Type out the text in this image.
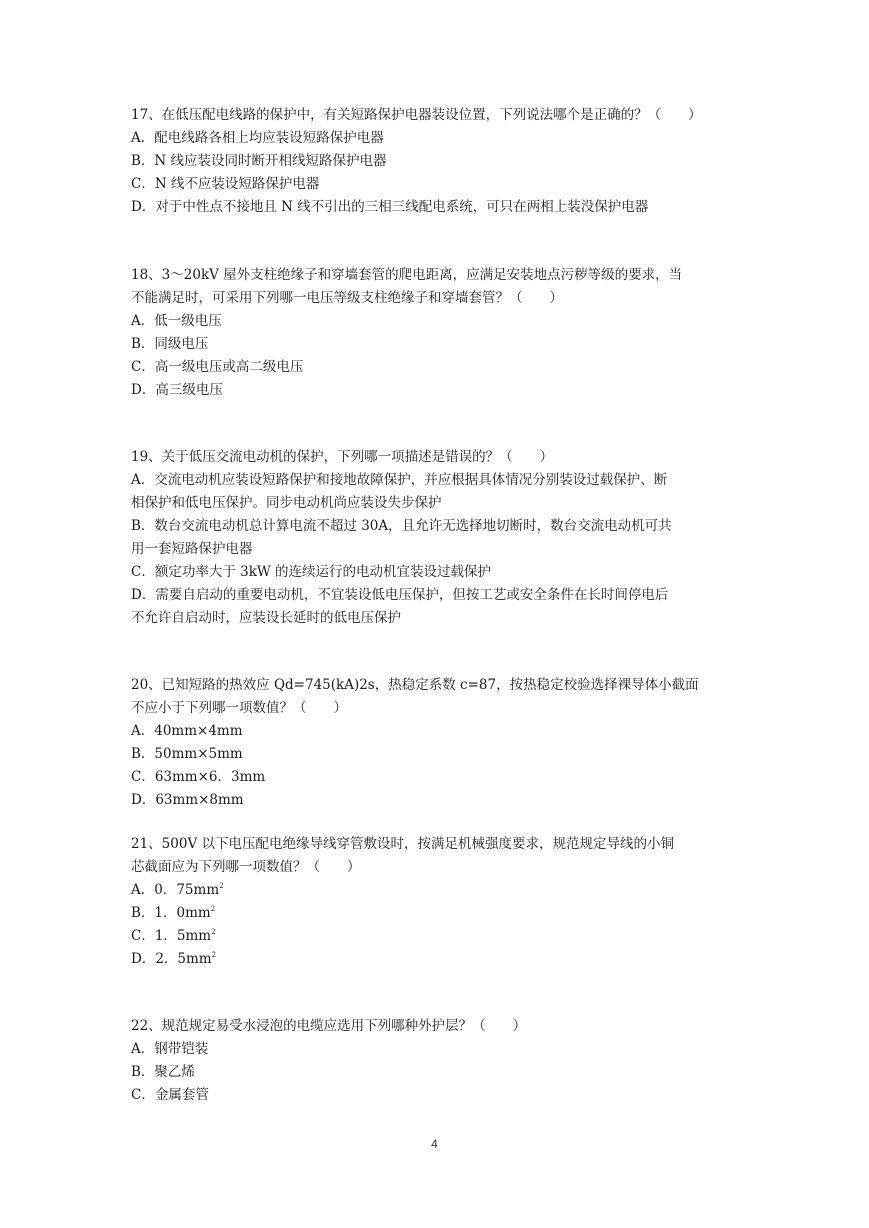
17、在低压配电线路的保护中，有关短路保护电器装设位置，下列说法哪个是正确的？（　　）
A．配电线路各相上均应装设短路保护电器
B．N 线应装设同时断开相线短路保护电器
C．N 线不应装设短路保护电器
D．对于中性点不接地且 N 线不引出的三相三线配电系统，可只在两相上装没保护电器
18、3～20kV 屋外支柱绝缘子和穿墙套管的爬电距离，应满足安装地点污秽等级的要求，当
不能满足时，可采用下列哪一电压等级支柱绝缘子和穿墙套管？（　　）
A．低一级电压
B．同级电压
C．高一级电压或高二级电压
D．高三级电压
19、关于低压交流电动机的保护，下列哪一项描述是错误的？（　　）
A．交流电动机应装设短路保护和接地故障保护，并应根据具体情况分别装设过载保护、断
相保护和低电压保护。同步电动机尚应装设失步保护
B．数台交流电动机总计算电流不超过 30A，且允许无选择地切断时，数台交流电动机可共
用一套短路保护电器
C．额定功率大于 3kW 的连续运行的电动机宜装设过载保护
D．需要自启动的重要电动机，不宜装设低电压保护，但按工艺或安全条件在长时间停电后
不允许自启动时，应装设长延时的低电压保护
20、已知短路的热效应 Qd=745(kA)2s，热稳定系数 c=87，按热稳定校验选择裸导体小截面
不应小于下列哪一项数值？（　　）
A．40mm×4mm
B．50mm×5mm
C．63mm×6．3mm
D．63mm×8mm
21、500V 以下电压配电绝缘导线穿管敷设时，按满足机械强度要求，规范规定导线的小铜
芯截面应为下列哪一项数值？（　　）
A．0．$75mm^2$
B．1．$0mm^2$
C．1．$5mm^2$
D．2．$5mm^2$
22、规范规定易受水浸泡的电缆应选用下列哪种外护层？（　　）
A．钢带铠装
B．聚乙烯
C．金属套管
4
